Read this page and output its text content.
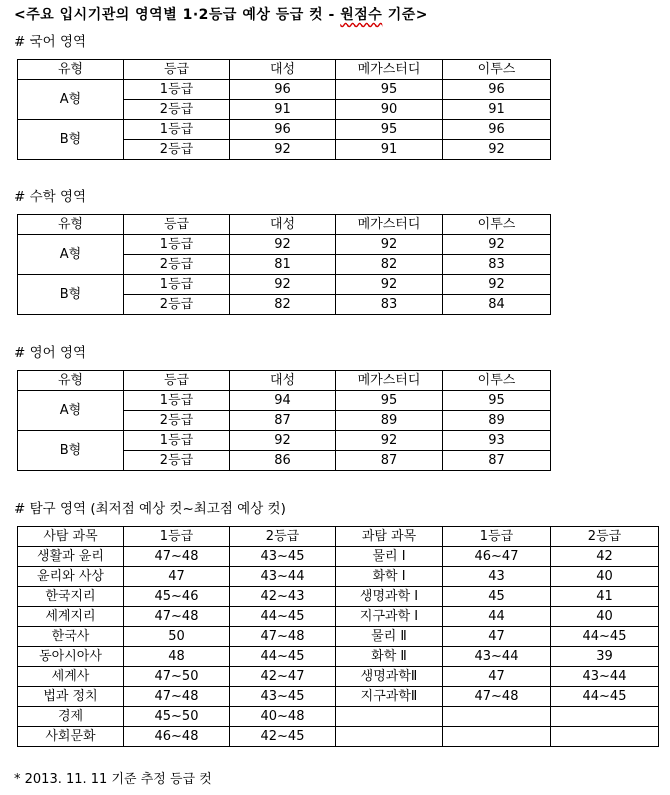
<주요 입시기관의 영역별 1·2등급 예상 등급 컷 - 원점수 기준>
# 국어 영역
유형	등급	대성	메가스터디	이투스
A형	1등급	96	95	96
	2등급	91	90	91
B형	1등급	96	95	96
	2등급	92	91	92
# 수학 영역
유형	등급	대성	메가스터디	이투스
A형	1등급	92	92	92
	2등급	81	82	83
B형	1등급	92	92	92
	2등급	82	83	84
# 영어 영역
유형	등급	대성	메가스터디	이투스
A형	1등급	94	95	95
	2등급	87	89	89
B형	1등급	92	92	93
	2등급	86	87	87
# 탐구 영역 (최저점 예상 컷~최고점 예상 컷)
사탐 과목	1등급	2등급	과탐 과목	1등급	2등급
생활과 윤리	47~48	43~45	물리 I	46~47	42
윤리와 사상	47	43~44	화학 I	43	40
한국지리	45~46	42~43	생명과학 I	45	41
세계지리	47~48	44~45	지구과학 I	44	40
한국사	50	47~48	물리 Ⅱ	47	44~45
동아시아사	48	44~45	화학 Ⅱ	43~44	39
세계사	47~50	42~47	생명과학Ⅱ	47	43~44
법과 정치	47~48	43~45	지구과학Ⅱ	47~48	44~45
경제	45~50	40~48			
사회문화	46~48	42~45			
* 2013. 11. 11 기준 추정 등급 컷
